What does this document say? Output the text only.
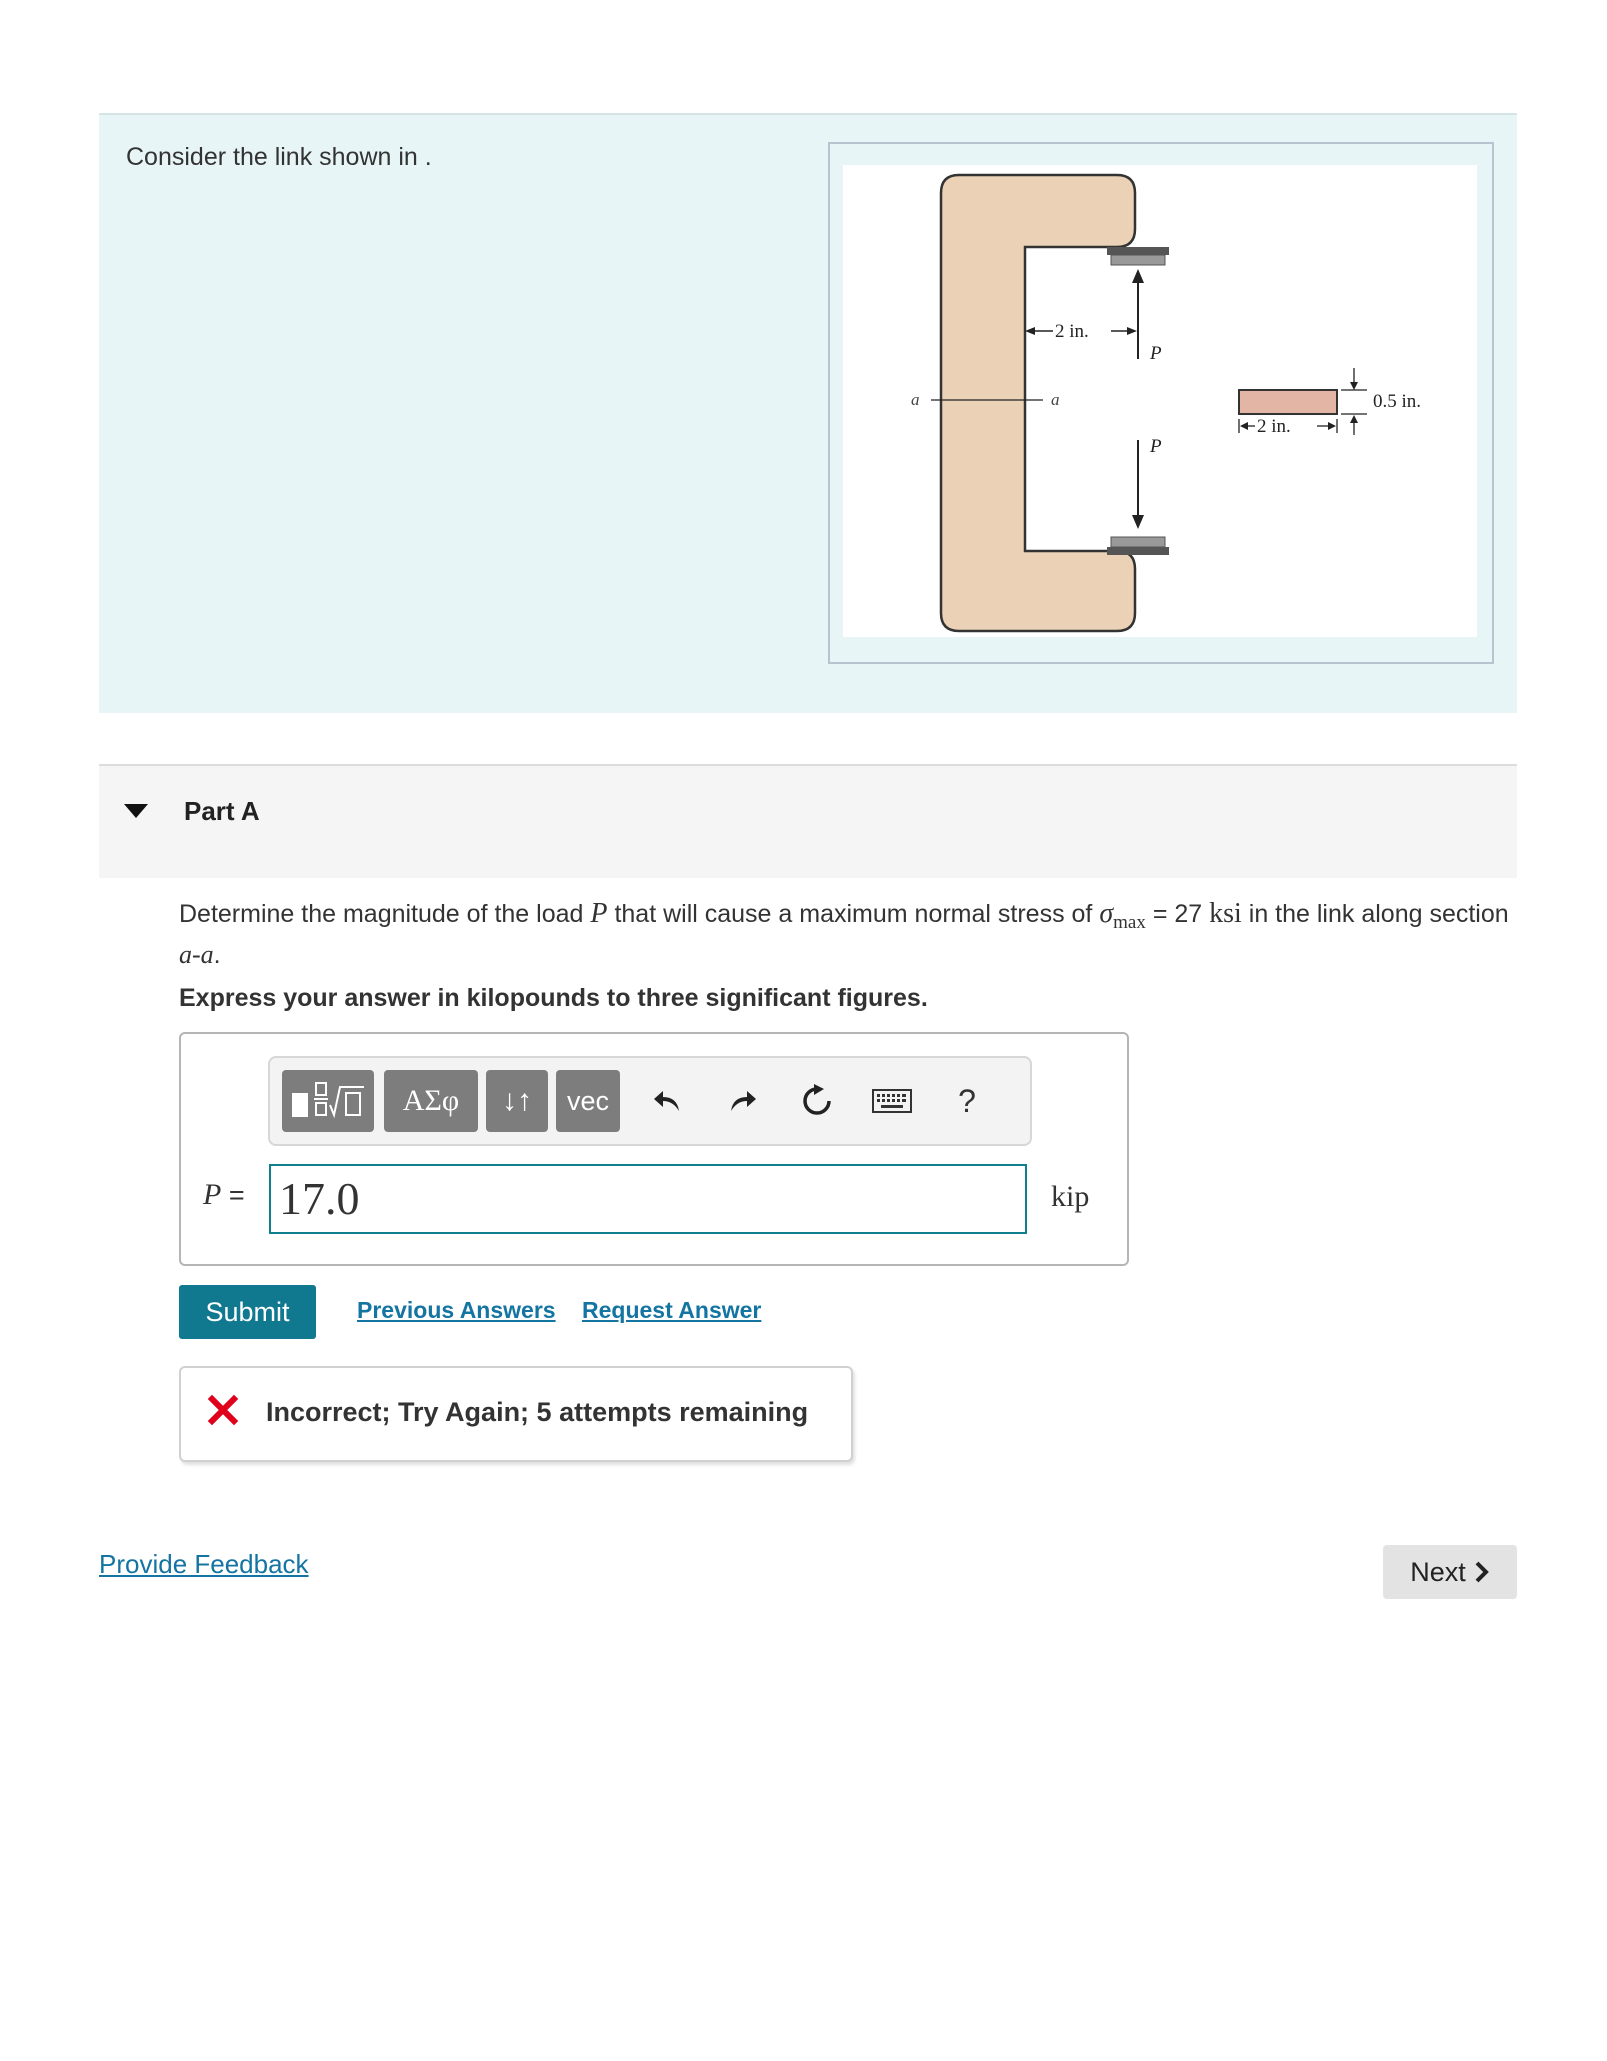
Consider the link shown in .
P
P
2 in.
a	a
2 in.
0.5 in.
Part A
Determine the magnitude of the load P that will cause a maximum normal stress of $\sigma_{max} = 27$ ksi in the link along section a-a.
Express your answer in kilopounds to three significant figures.
ΑΣφ	↓↑	vec	?
P = 17.0	kip
Submit	Previous Answers Request Answer
Incorrect; Try Again; 5 attempts remaining
Provide Feedback	Next
